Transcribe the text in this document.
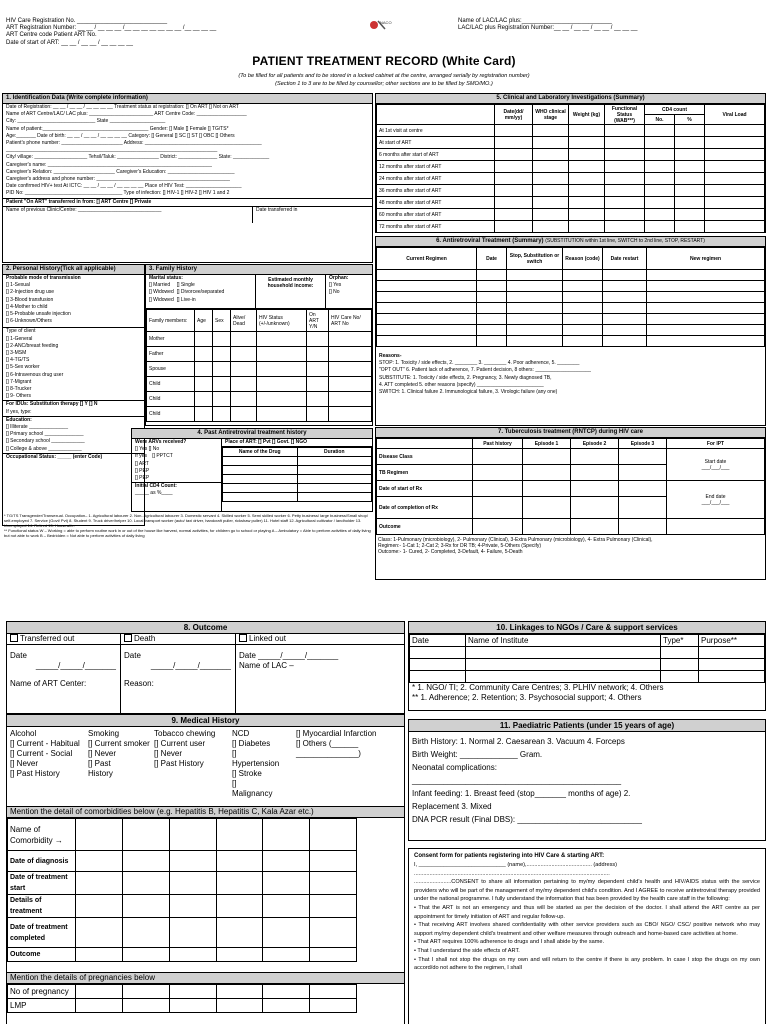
HIV Care Registration No. ___________________________
ART Registration Number: __ __ / __ __ __ /__ __ __ __ __ __ __ /__ __ __ __
ART Centre code Patient ART No.
Date of start of ART: __ __ / __ __ / __ __ __ __
NACO	Name of LAC/LAC plus:___________________________
LAC/LAC plus Registration Number:__ __ / __ __ / __ __ / __ __ __
PATIENT TREATMENT RECORD (White Card)
(To be filled for all patients and to be stored in a locked cabinet at the centre, arranged serially by registration number)
(Section 1 to 3 are to be filled by counsellor; other sections are to be filled by SMO/MO.)
1. Identification Data (Write complete information)
Date of Registration: __ __ / __ __ / __ __ __ __ Treatment status at registration: [] On ART [] Not on ART
Name of ART Centre/LAC/ LAC plus: _______________________ ART Centre Code: __________________
City: ____________________________ State ____________________
Name of patient:______________________________________ Gender: [] Male [] Female [] TG/TS*
Age:_______ Date of birth: __ __ / __ __ / __ __ __ __ Category: [] General [] SC [] ST [] OBC [] Others
Patient's phone number: ______________________ Address: __________________________________________
____________________________________________________________________________
City/ village: ___________________ Tehsil/Taluk: _______________ District: ______________ State: _____________
Caregiver's name: ___________________________________________________________
Caregiver's Relation: ______________________ Caregiver's Education: ________________________
Caregiver's address and phone number: ________________________________________________
Date confirmed HIV+ test At ICTC: __ __ / __ __ / __ __ __ __ Place of HIV Test: ____________________
PID No: ___________________________________ Type of infection: [] HIV-1 [] HIV-2 [] HIV 1 and 2
Patient "On ART" transferred in from: [] ART Centre [] Private
Name of previous Clinic/Centre: ______________________________	Date transferred in
2. Personal History(Tick all applicable)
Probable mode of transmission
[] 1-Sexual
[] 2-Injection drug use
[] 3-Blood transfusion
[] 4-Mother to child
[] 5-Probable unsafe injection
[] 6-Unknown/Others
Type of client
[] 1-General
[] 2-ANC/breast feeding
[] 3-MSM
[] 4-TG/TS
[] 5-Sex worker
[] 6-Intravenous drug user
[] 7-Migrant
[] 8-Trucker
[] 9- Others
For IDUs: Substitution therapy [] Y [] N
If yes, type:
Education:
[] Illiterate ______________
[] Primary school ______________
[] Secondary school ____________
[] College & above ____________
Occupational Status: _____ (enter Code)
3. Family History
Marital status:
[] Married
[] Widowed
[] Widowed
[] Single
[] Divorcee/separated
[] Live-in
Estimated monthly household income:
Orphan:
[] Yes
[] No
Family members:	Age	Sex	Alive/ Dead	HIV Status (+/-/unknown)	On ART Y/N	HIV Care No/ ART No
Mother						
Father						
Spouse						
Child						
Child						
Child						
4. Past Antiretroviral treatment history
Were ARVs received?
[] Yes [] No
If yes
[] ART
[] PEP
[] PEP
[] PPTCT
Initial CD4 Count:
_____ as %____
Place of ART: [] Pvt [] Govt. [] NGO
Name of the Drug	Duration

* TG/TS Transgender/Transexual. Occupation– 1. Agricultural labourer 2. Non- Agricultural labourer 3. Domestic servant 4. Skilled worker 5. Semi skilled worker 6. Petty business/ large business/Small shop/ self-employed 7. Service (Govt/ Pvt) 8. Student 9. Truck driver/helper 10. Local transport worker (auto/ taxi driver, handcraft puller, rickshaw puller) 11. Hotel staff 12. Agricultural cultivator / landholder 13. Unemployed 14. Retired 15. Housewife.
** Functional status W – Working = able to perform routine work in or out of the house like harvest, normal activities, for children go to school or playing A – Ambulatory = Able to perform activities of daily living but not able to work B – Bedridden = Not able to perform activities of daily living
5. Clinical and Laboratory Investigations (Summary)
	Date(dd/ mm/yy)	WHO clinical stage	Weight (kg)	Functional Status (WAB***)	CD4 count		Viral Load
					No.	%	
At 1st visit at centre							
At start of ART							
6 months after start of ART							
12 months after start of ART							
24 months after start of ART							
36 months after start of ART							
48 months after start of ART							
60 months after start of ART							
72 months after start of ART							
6. Antiretroviral Treatment (Summary) (SUBSTITUTION within 1st line, SWITCH to 2nd line, STOP, RESTART)
Current Regimen	Date	Stop, Substitution or switch	Reason (code)	Date restart	New regimen

Reasons-
STOP: 1. Toxicity / side effects, 2. ________ 3. ________ 4. Poor adherence, 5. ________
"OPT OUT" 6. Patient lack of adherence, 7. Patient decision, 8 others: ____________________
SUBSTITUTE: 1. Toxicity / side effects, 2. Pregnancy, 3. Newly diagnosed TB,
4. ATT completed 5. other reasons (specify) ________________________
SWITCH: 1. Clinical failure 2. Immunological failure, 3. Virologic failure (any one)
7. Tuberculosis treatment (RNTCP) during HIV care
	Past history	Episode 1	Episode 2	Episode 3	For IPT
Disease Class					Start date
___/___/___
TB Regimen					
Date of start of Rx					End date
___/___/___
Date of completion of Rx					
Outcome					
Class: 1-Pulmonary (microbiology), 2- Pulmonary (Clinical), 3-Extra Pulmonary (microbiology), 4- Extra Pulmonary (Clinical),
Regimen:- 1-Cat 1; 2-Cat 2; 3-Rx for DR TB; 4-Private, 5-Others (Specify)
Outcome:- 1- Cured, 2- Completed, 3-Default, 4- Failure, 5-Death
8. Outcome
Transferred out
Date
_____/_____/_______
Name of ART Center:
Death
Date
_____/_____/_______
Reason:
Linked out
Date _____/_____/_______
Name of LAC –
9. Medical History
Alcohol
[] Current - Habitual
[] Current - Social
[] Never
[] Past History
Smoking
[] Current smoker
[] Never
[] Past
History
Tobacco chewing
[] Current user
[] Never
[] Past History
NCD
[] Diabetes
[]
Hypertension
[] Stroke
[]
Malignancy
[] Myocardial Infarction
[] Others (______
______________)
Mention the detail of comorbidities below (e.g. Hepatitis B, Hepatitis C, Kala Azar etc.)
Name of Comorbidity →						
Date of diagnosis						
Date of treatment start						
Details of treatment						
Date of treatment completed						
Outcome						
Mention the details of pregnancies below
No of pregnancy						
LMP						
10. Linkages to NGOs / Care & support services
Date	Name of Institute	Type*	Purpose**

* 1. NGO/ TI; 2. Community Care Centres; 3. PLHIV network; 4. Others
** 1. Adherence; 2. Retention; 3. Psychosocial support; 4. Others
11. Paediatric Patients (under 15 years of age)
Birth History: 1. Normal 2. Caesarean 3. Vacuum 4. Forceps
Birth Weight: _____________ Gram.
Neonatal complications:
_______________________________________________
Infant feeding: 1. Breast feed (stop_______ months of age) 2.
Replacement 3. Mixed
DNA PCR result (Final DBS): ____________________________
Consent form for patients registering into HIV Care & starting ART:
I, ____________________________ (name),.......................................... (address)
..............................................................................................................................
........................CONSENT to share all information pertaining to my/my dependent child's health and HIV/AIDS status with the service providers who will be part of the management of my/my dependent child's condition. And I AGREE to receive antiretroviral therapy provided under the national programme. I fully understand the information that has been provided by the health care staff in the following:
• That the ART is not an emergency and thus will be started as per the decision of the doctor. I shall attend the ART centre as per appointment for timely initiation of ART and regular follow-up.
• That receiving ART involves shared confidentiality with other service providers such as CBO/ NGO/ CSC/ positive network who may support my/my dependent child's treatment and other welfare measures through outreach and home-based care activities at home.
• That ART requires 100% adherence to drugs and I shall abide by the same.
• That I understand the side effects of ART.
• That I shall not stop the drugs on my own and will return to the centre if there is any problem. In case I stop the drugs on my own accord/do not adhere to the regimen, I shall
